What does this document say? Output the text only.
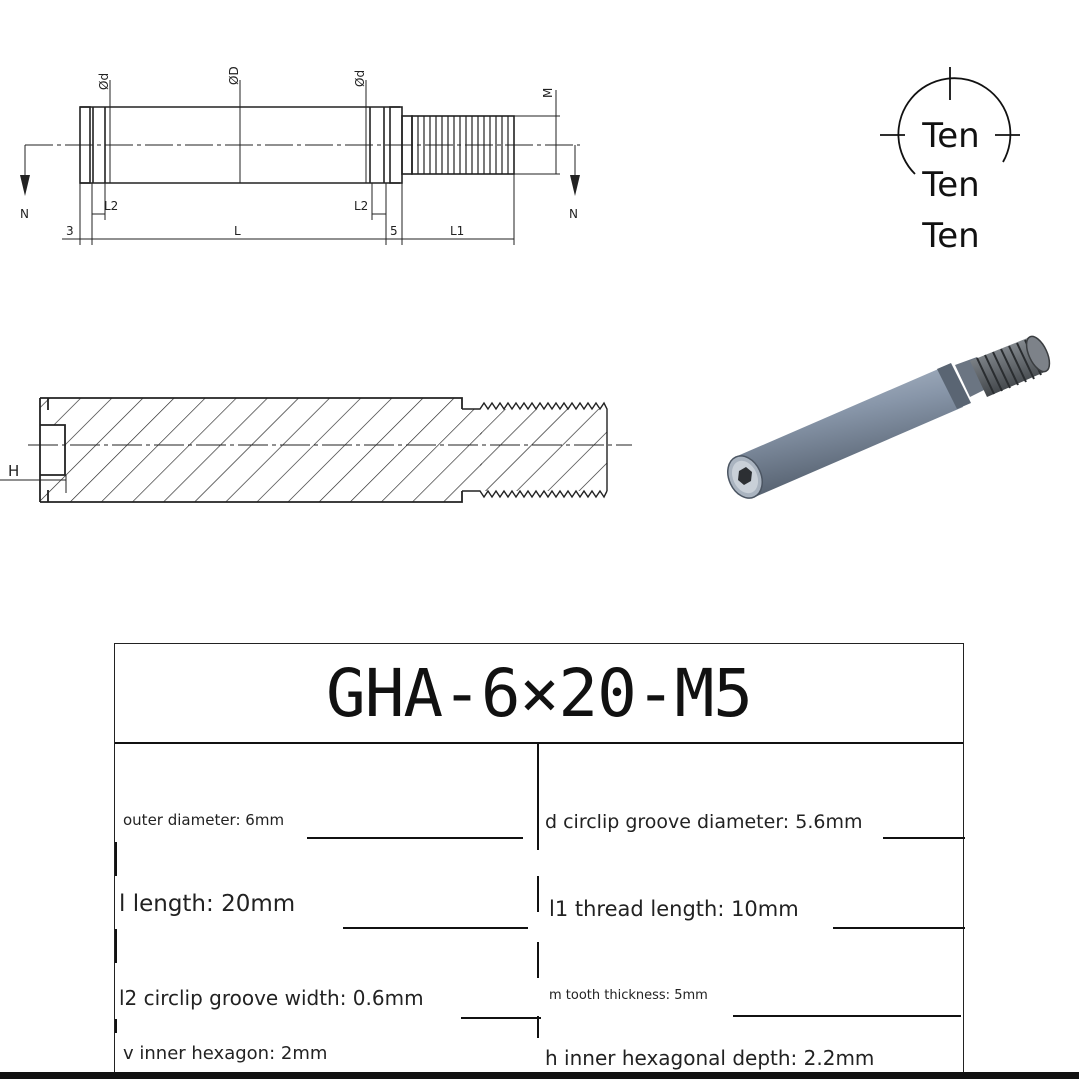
Ød	ØD	Ød
M
L2	L2
3	L	5	L1
N	N
Ten
Ten
Ten
H
GHA-6×20-M5
outer diameter: 6mm	d circlip groove diameter: 5.6mm
l length: 20mm	l1 thread length: 10mm
l2 circlip groove width: 0.6mm	m tooth thickness: 5mm
v inner hexagon: 2mm	h inner hexagonal depth: 2.2mm
